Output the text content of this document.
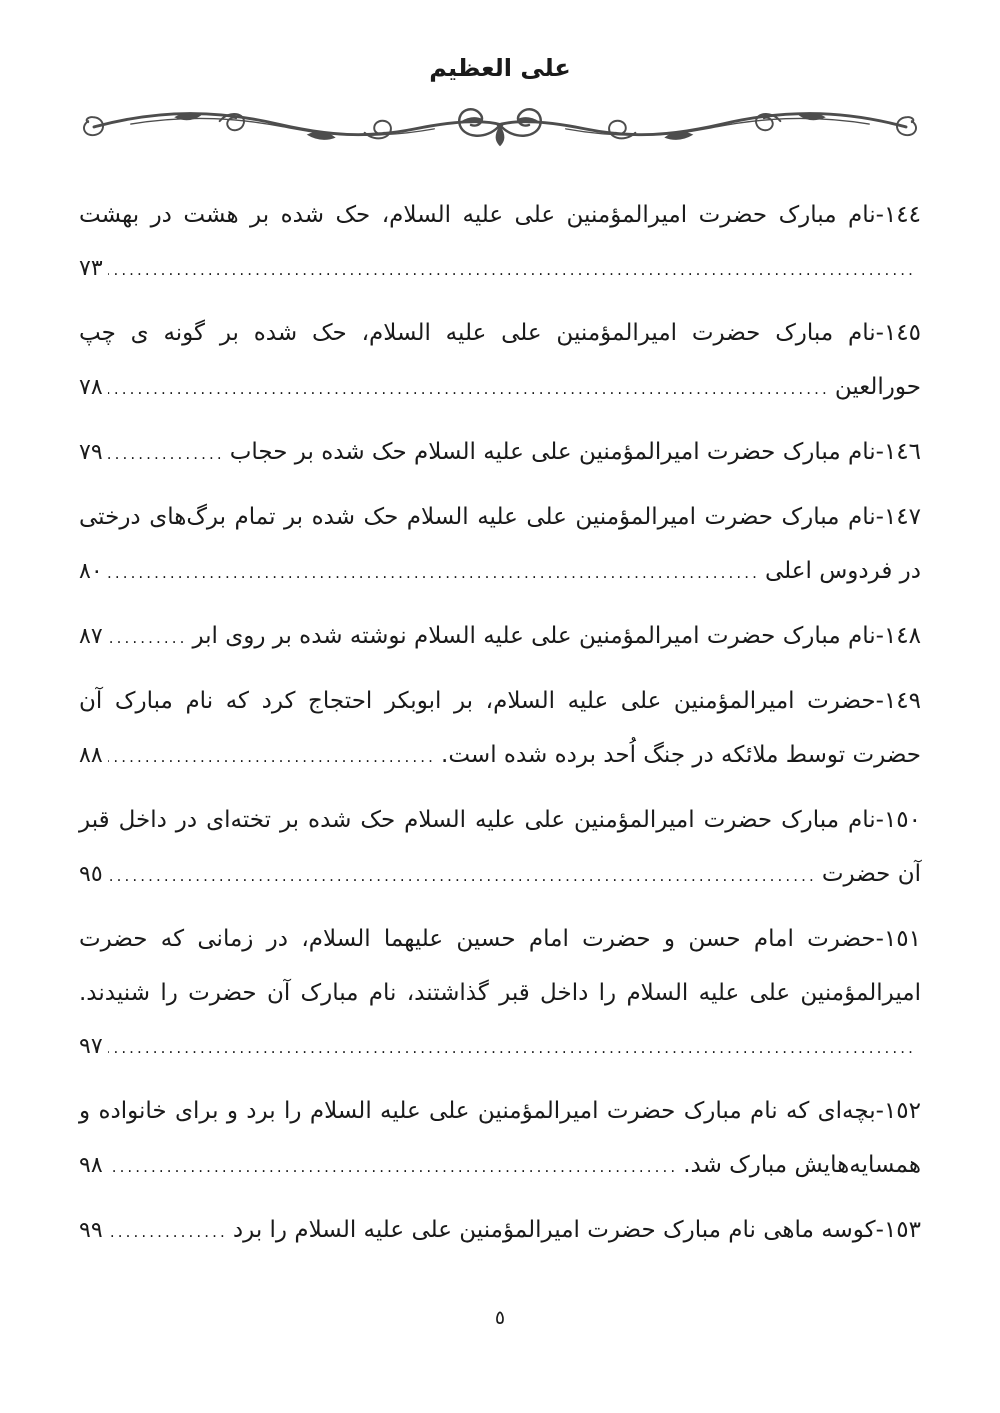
علی العظیم
١٤٤-نام مبارک حضرت امیرالمؤمنین علی علیه السلام، حک شده بر هشت در بهشت
.....
٧٣
١٤٥-نام مبارک حضرت امیرالمؤمنین علی علیه السلام، حک شده بر گونه ی چپ
حورالعین
.....
٧٨
١٤٦-نام مبارک حضرت امیرالمؤمنین علی علیه السلام حک شده بر حجاب
.....
٧٩
١٤٧-نام مبارک حضرت امیرالمؤمنین علی علیه السلام حک شده بر تمام برگ‌های درختی
در فردوس اعلی
.....
٨٠
١٤٨-نام مبارک حضرت امیرالمؤمنین علی علیه السلام نوشته شده بر روی ابر
.....
٨٧
١٤٩-حضرت امیرالمؤمنین علی علیه السلام، بر ابوبکر احتجاج کرد که نام مبارک آن
حضرت توسط ملائکه در جنگ اُحد برده شده است.
.....
٨٨
١٥٠-نام مبارک حضرت امیرالمؤمنین علی علیه السلام حک شده بر تخته‌ای در داخل قبر
آن حضرت
.....
٩٥
١٥١-حضرت امام حسن و حضرت امام حسین علیهما السلام، در زمانی که حضرت
امیرالمؤمنین علی علیه السلام را داخل قبر گذاشتند، نام مبارک آن حضرت را شنیدند.
.....
٩٧
١٥٢-بچه‌ای که نام مبارک حضرت امیرالمؤمنین علی علیه السلام را برد و برای خانواده و
همسایه‌هایش مبارک شد.
.....
٩٨
١٥٣-کوسه ماهی نام مبارک حضرت امیرالمؤمنین علی علیه السلام را برد
.....
٩٩
٥
